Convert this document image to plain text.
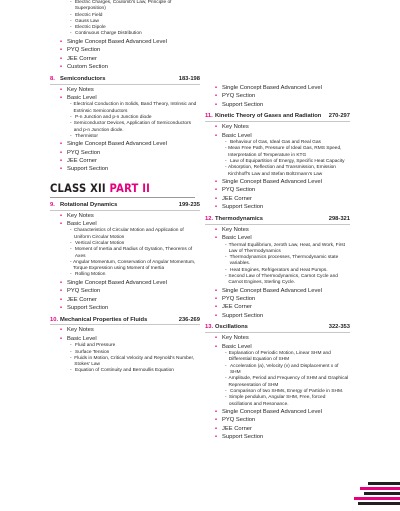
- Electric Charges, Coulomb's Law, Principle of Superposition)
- Electric Field
- Gauss Law
- Electric Dipole
- Continuous Charge Distribution
• Single Concept Based Advanced Level
• PYQ Section
• JEE Corner
• Custom Section
8. Semiconductors	183-198
• Key Notes
• Basic Level
- Electrical Conduction in Solids, Band Theory, Intrinsic and Extrinsic Semiconductors
- P-n Junction and p-n Junction diode
- Semiconductor Devices, Application of Semiconductors and p-n Junction diode.
- Thermistor
• Single Concept Based Advanced Level
• PYQ Section
• JEE Corner
• Support Section
CLASS XII PART II
9. Rotational Dynamics	199-235
• Key Notes
• Basic Level
- Characteristics of Circular Motion and Application of Uniform Circular Motion
- Vertical Circular Motion
- Moment of Inertia and Radius of Gyration, Theorems of Axes
- Angular Momentum, Conservation of Angular Momentum, Torque Expression using Moment of Inertia
- Rolling Motion
• Single Concept Based Advanced Level
• PYQ Section
• JEE Corner
• Support Section
10. Mechanical Properties of Fluids	236-269
• Key Notes
• Basic Level
- Fluid and Pressure
- Surface Tension
- Fluids in Motion, Critical Velocity and Reynold's Number, Stokes' Law
- Equation of Continuity and Bernoullis Equation
• Single Concept Based Advanced Level
• PYQ Section
• Support Section
11. Kinetic Theory of Gases and Radiation	270-297
• Key Notes
• Basic Level
- Behaviour of Gas, Ideal Gas and Real Gas
- Mean Free Path, Pressure of Ideal Gas, RMS Speed, Interpretation of Temperature in KTG
- Law of Equipartition of Energy, Specific Heat Capacity
- Absorption, Reflection and Transmission, Emission Kirchhoff's Law and Stefan Boltzmann's Law
• Single Concept Based Advanced Level
• PYQ Section
• JEE Corner
• Support Section
12. Thermodynamics	298-321
• Key Notes
• Basic Level
- Thermal Equilibrium, zeroth Law, Heat, and Work, First Law of Thermodynamics
- Thermodynamics processes, Thermodynamic state variables.
- Heat Engines, Refrigerators and Heat Pumps.
- Second Law of Thermodynamics, Carnot Cycle and Carnot Engines, Sterling Cycle.
• Single Concept Based Advanced Level
• PYQ Section
• JEE Corner
• Support Section
13. Oscillations	322-353
• Key Notes
• Basic Level
- Explanation of Periodic Motion, Linear SHM and Differential Equation of SHM
- Acceleration (a), Velocity (v) and Displacement x of SHM
- Amplitude, Period and Frequency of SHM and Graphical Representation of SHM
- Comparison of two SHMs, Energy of Particle in SHM.
- Simple pendulum, Angular SHM, Free, forced oscillations and Resonance.
• Single Concept Based Advanced Level
• PYQ Section
• JEE Corner
• Support Section
